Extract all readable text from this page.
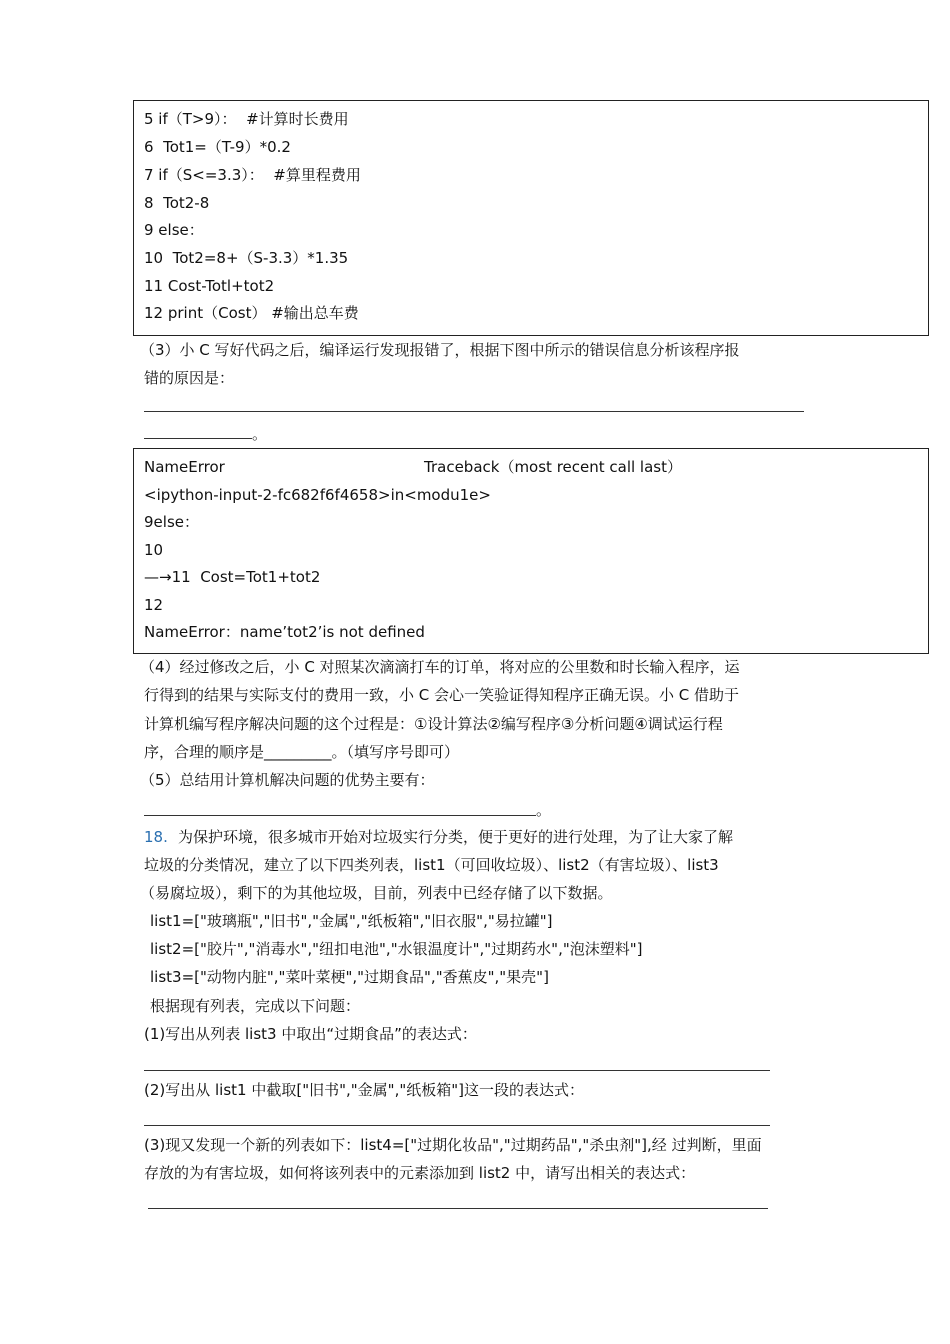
5 if（T>9）：  #计算时长费用
6  Tot1=（T-9）*0.2
7 if（S<=3.3）：  #算里程费用
8  Tot2-8
9 else：
10  Tot2=8+（S-3.3）*1.35
11 Cost-Totl+tot2
12 print（Cost） #输出总车费
（3）小 C 写好代码之后，编译运行发现报错了，根据下图中所示的错误信息分析该程序报
错的原因是：
。
NameError	Traceback（most recent call last）
<ipython-input-2-fc682f6f4658>in<modu1e>
9else：
10
—→11  Cost=Tot1+tot2
12
NameError：name’tot2’is not defined
（4）经过修改之后，小 C 对照某次滴滴打车的订单，将对应的公里数和时长输入程序，运
行得到的结果与实际支付的费用一致，小 C 会心一笑验证得知程序正确无误。小 C 借助于
计算机编写程序解决问题的这个过程是：①设计算法②编写程序③分析问题④调试运行程
序，合理的顺序是_________。（填写序号即可）
（5）总结用计算机解决问题的优势主要有：
。
18. 为保护环境，很多城市开始对垃圾实行分类，便于更好的进行处理，为了让大家了解
垃圾的分类情况，建立了以下四类列表，list1（可回收垃圾）、list2（有害垃圾）、list3
（易腐垃圾），剩下的为其他垃圾，目前，列表中已经存储了以下数据。
list1=["玻璃瓶","旧书","金属","纸板箱","旧衣服","易拉罐"]
list2=["胶片","消毒水","纽扣电池","水银温度计","过期药水","泡沫塑料"]
list3=["动物内脏","菜叶菜梗","过期食品","香蕉皮","果壳"]
根据现有列表，完成以下问题：
(1)写出从列表 list3 中取出“过期食品”的表达式：
(2)写出从 list1 中截取["旧书","金属","纸板箱"]这一段的表达式：
(3)现又发现一个新的列表如下：list4=["过期化妆品","过期药品","杀虫剂"],经 过判断，里面
存放的为有害垃圾，如何将该列表中的元素添加到 list2 中，请写出相关的表达式：
